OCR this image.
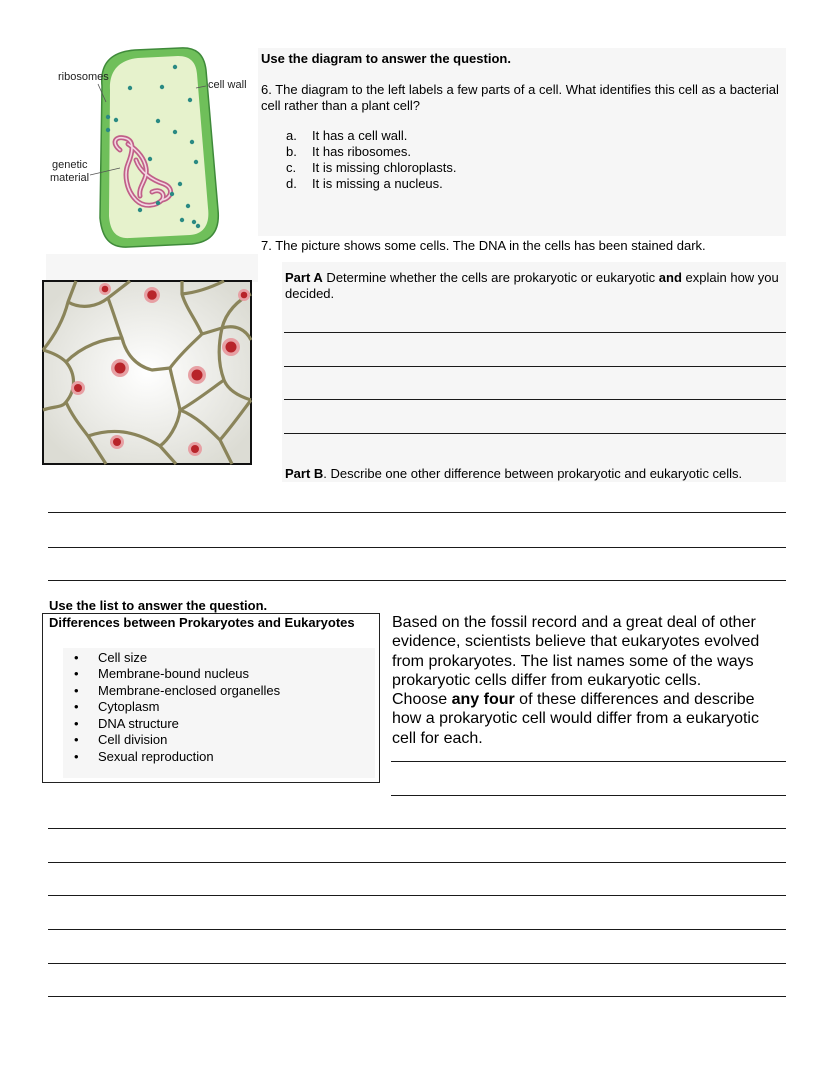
ribosomes
cell wall
genetic
material
Use the diagram to answer the question.
6. The diagram to the left labels a few parts of a cell. What identifies this cell as a bacterial cell rather than a plant cell?
a. It has a cell wall.
b. It has ribosomes.
c. It is missing chloroplasts.
d. It is missing a nucleus.
7. The picture shows some cells. The DNA in the cells has been stained dark.
Part A Determine whether the cells are prokaryotic or eukaryotic and explain how you decided.
Part B. Describe one other difference between prokaryotic and eukaryotic cells.
Use the list to answer the question.
Differences between Prokaryotes and Eukaryotes
• Cell size
• Membrane-bound nucleus
• Membrane-enclosed organelles
• Cytoplasm
• DNA structure
• Cell division
• Sexual reproduction
Based on the fossil record and a great deal of other evidence, scientists believe that eukaryotes evolved from prokaryotes. The list names some of the ways prokaryotic cells differ from eukaryotic cells.
Choose any four of these differences and describe how a prokaryotic cell would differ from a eukaryotic cell for each.
